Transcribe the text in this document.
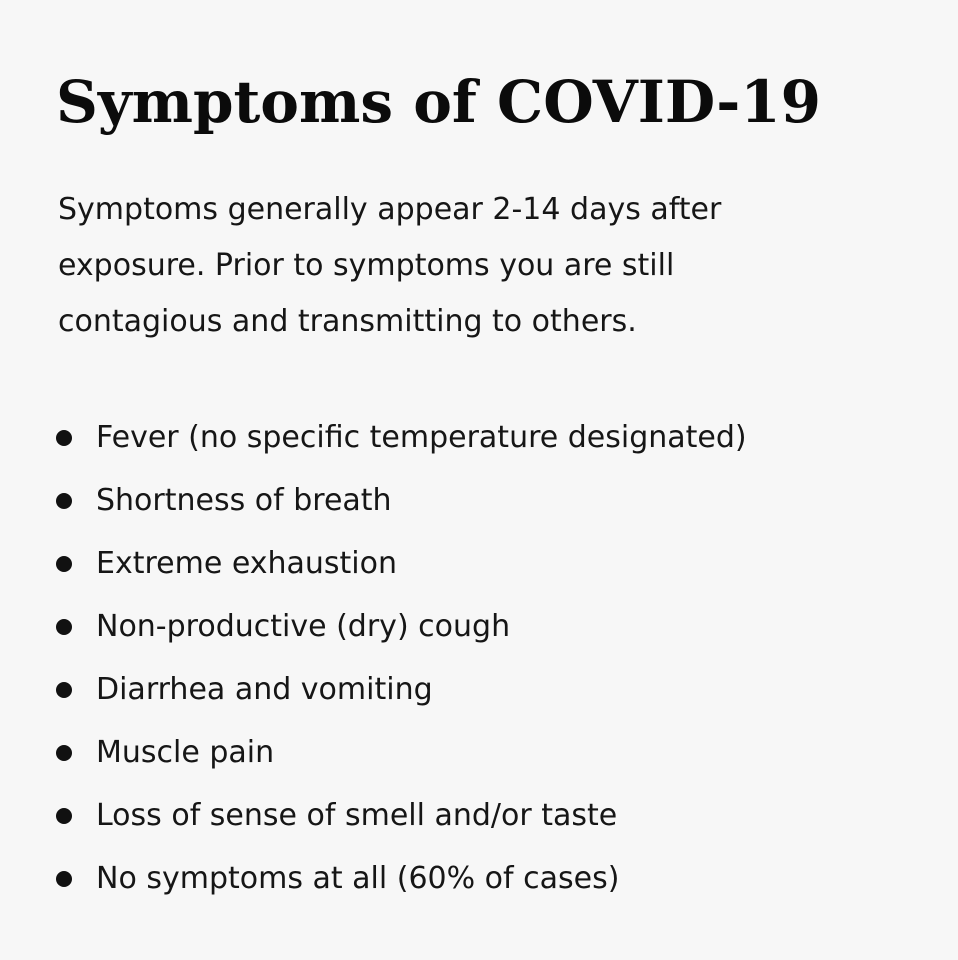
Symptoms of COVID-19

Symptoms generally appear 2-14 days after exposure. Prior to symptoms you are still contagious and transmitting to others.

Fever (no specific temperature designated)
Shortness of breath
Extreme exhaustion
Non-productive (dry) cough
Diarrhea and vomiting
Muscle pain
Loss of sense of smell and/or taste
No symptoms at all (60% of cases)
